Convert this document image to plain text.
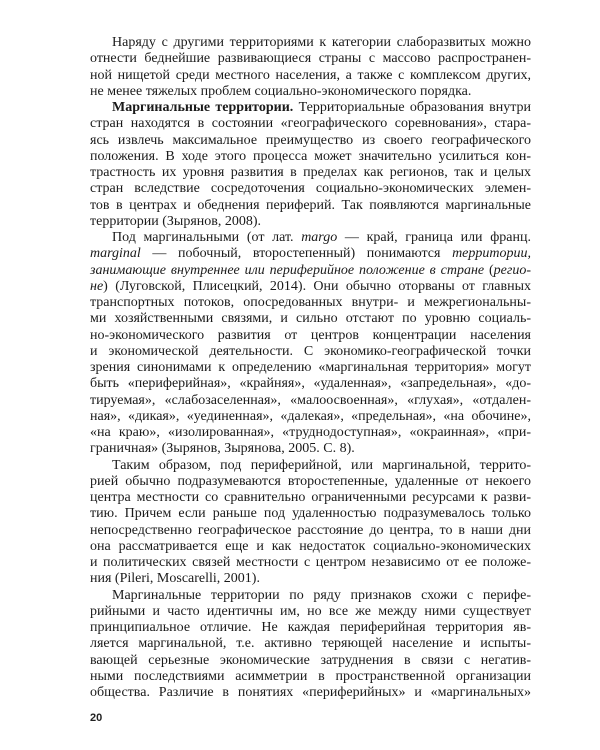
Наряду с другими территориями к категории слаборазвитых можно
отнести беднейшие развивающиеся страны с массово распространен-
ной нищетой среди местного населения, а также с комплексом других,
не менее тяжелых проблем социально-экономического порядка.
Маргинальные территории. Территориальные образования внутри
стран находятся в состоянии «географического соревнования», стара-
ясь извлечь максимальное преимущество из своего географического
положения. В ходе этого процесса может значительно усилиться кон-
трастность их уровня развития в пределах как регионов, так и целых
стран вследствие сосредоточения социально-экономических элемен-
тов в центрах и обеднения периферий. Так появляются маргинальные
территории (Зырянов, 2008).
Под маргинальными (от лат. margo — край, граница или франц.
marginal — побочный, второстепенный) понимаются территории,
занимающие внутреннее или периферийное положение в стране (регио-
не) (Луговской, Плисецкий, 2014). Они обычно оторваны от главных
транспортных потоков, опосредованных внутри- и межрегиональны-
ми хозяйственными связями, и сильно отстают по уровню социаль-
но-экономического развития от центров концентрации населения
и экономической деятельности. С экономико-географической точки
зрения синонимами к определению «маргинальная территория» могут
быть «периферийная», «крайняя», «удаленная», «запредельная», «до-
тируемая», «слабозаселенная», «малоосвоенная», «глухая», «отдален-
ная», «дикая», «уединенная», «далекая», «предельная», «на обочине»,
«на краю», «изолированная», «труднодоступная», «окраинная», «при-
граничная» (Зырянов, Зырянова, 2005. С. 8).
Таким образом, под периферийной, или маргинальной, террито-
рией обычно подразумеваются второстепенные, удаленные от некоего
центра местности со сравнительно ограниченными ресурсами к разви-
тию. Причем если раньше под удаленностью подразумевалось только
непосредственно географическое расстояние до центра, то в наши дни
она рассматривается еще и как недостаток социально-экономических
и политических связей местности с центром независимо от ее положе-
ния (Pileri, Moscarelli, 2001).
Маргинальные территории по ряду признаков схожи с перифе-
рийными и часто идентичны им, но все же между ними существует
принципиальное отличие. Не каждая периферийная территория яв-
ляется маргинальной, т.е. активно теряющей население и испыты-
вающей серьезные экономические затруднения в связи с негатив-
ными последствиями асимметрии в пространственной организации
общества. Различие в понятиях «периферийных» и «маргинальных»
20
